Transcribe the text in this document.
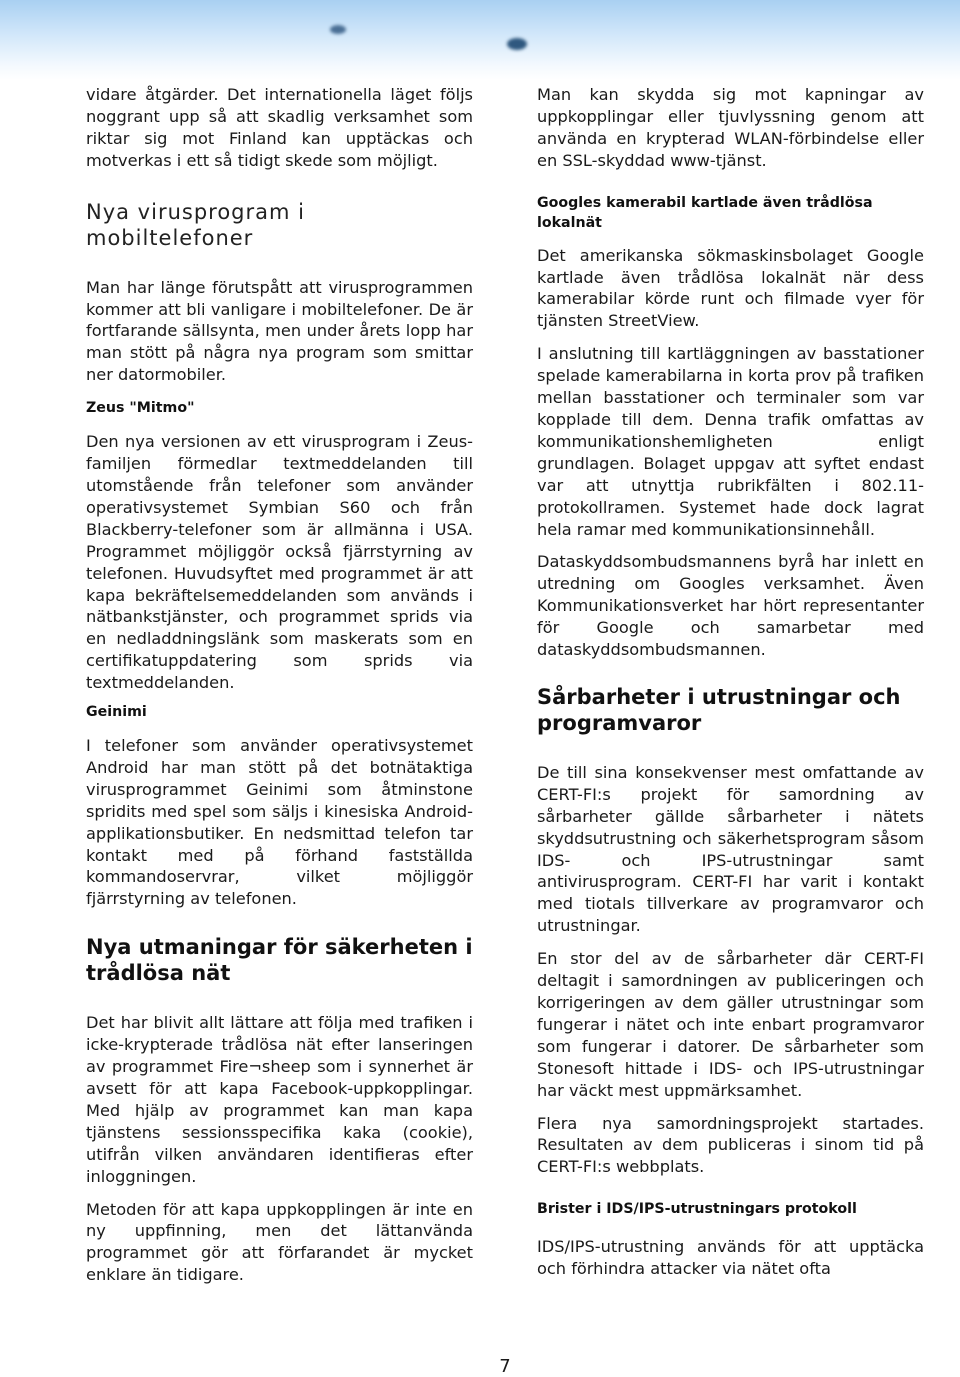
vidare åtgärder. Det internationella läget följs noggrant upp så att skadlig verksamhet som riktar sig mot Finland kan upptäckas och motverkas i ett så tidigt skede som möjligt.

Nya virusprogram i mobiltelefoner

Man har länge förutspått att virusprogrammen kommer att bli vanligare i mobiltelefoner. De är fortfarande sällsynta, men under årets lopp har man stött på några nya program som smittar ner datormobiler.

Zeus "Mitmo"

Den nya versionen av ett virusprogram i Zeus-familjen förmedlar textmeddelanden till utomstående från telefoner som använder operativsystemet Symbian S60 och från Blackberry-telefoner som är allmänna i USA. Programmet möjliggör också fjärrstyrning av telefonen. Huvudsyftet med programmet är att kapa bekräftelsemeddelanden som används i nätbankstjänster, och programmet sprids via en nedladdningslänk som maskerats som en certifikatuppdatering som sprids via textmeddelanden.

Geinimi

I telefoner som använder operativsystemet Android har man stött på det botnätaktiga virusprogrammet Geinimi som åtminstone spridits med spel som säljs i kinesiska Android-applikationsbutiker. En nedsmittad telefon tar kontakt med på förhand fastställda kommandoservrar, vilket möjliggör fjärrstyrning av telefonen.

Nya utmaningar för säkerheten i trådlösa nät

Det har blivit allt lättare att följa med trafiken i icke-krypterade trådlösa nät efter lanseringen av programmet Fire¬sheep som i synnerhet är avsett för att kapa Facebook-uppkopplingar. Med hjälp av programmet kan man kapa tjänstens sessionsspecifika kaka (cookie), utifrån vilken användaren identifieras efter inloggningen.

Metoden för att kapa uppkopplingen är inte en ny uppfinning, men det lättanvända programmet gör att förfarandet är mycket enklare än tidigare.

Man kan skydda sig mot kapningar av uppkopplingar eller tjuvlyssning genom att använda en krypterad WLAN-förbindelse eller en SSL-skyddad www-tjänst.

Googles kamerabil kartlade även trådlösa lokalnät

Det amerikanska sökmaskinsbolaget Google kartlade även trådlösa lokalnät när dess kamerabilar körde runt och filmade vyer för tjänsten StreetView.

I anslutning till kartläggningen av basstationer spelade kamerabilarna in korta prov på trafiken mellan basstationer och terminaler som var kopplade till dem. Denna trafik omfattas av kommunikationshemligheten enligt grundlagen. Bolaget uppgav att syftet endast var att utnyttja rubrikfälten i 802.11-protokollramen. Systemet hade dock lagrat hela ramar med kommunikationsinnehåll.

Dataskyddsombudsmannens byrå har inlett en utredning om Googles verksamhet. Även Kommunikationsverket har hört representanter för Google och samarbetar med dataskyddsombudsmannen.

Sårbarheter i utrustningar och programvaror

De till sina konsekvenser mest omfattande av CERT-FI:s projekt för samordning av sårbarheter gällde sårbarheter i nätets skyddsutrustning och säkerhetsprogram såsom IDS- och IPS-utrustningar samt antivirusprogram. CERT-FI har varit i kontakt med tiotals tillverkare av programvaror och utrustningar.

En stor del av de sårbarheter där CERT-FI deltagit i samordningen av publiceringen och korrigeringen av dem gäller utrustningar som fungerar i nätet och inte enbart programvaror som fungerar i datorer. De sårbarheter som Stonesoft hittade i IDS- och IPS-utrustningar har väckt mest uppmärksamhet.

Flera nya samordningsprojekt startades. Resultaten av dem publiceras i sinom tid på CERT-FI:s webbplats.

Brister i IDS/IPS-utrustningars protokoll

IDS/IPS-utrustning används för att upptäcka och förhindra attacker via nätet ofta

7
